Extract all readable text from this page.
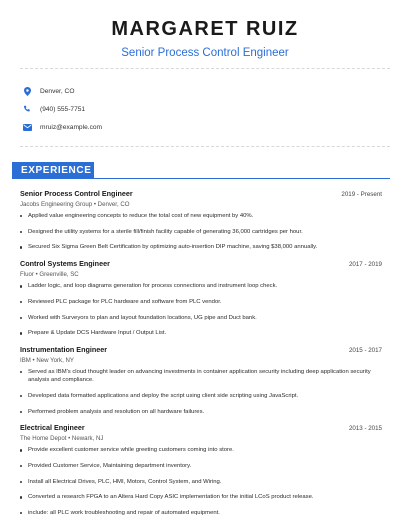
MARGARET RUIZ
Senior Process Control Engineer
Denver, CO
(940) 555-7751
mruiz@example.com
EXPERIENCE
Senior Process Control Engineer	2019 - Present
Jacobs Engineering Group • Denver, CO
Applied value engineering concepts to reduce the total cost of new equipment by 40%.
Designed the utility systems for a sterile fill/finish facility capable of generating 36,000 cartridges per hour.
Secured Six Sigma Green Belt Certification by optimizing auto-insertion DIP machine, saving $38,000 annually.
Control Systems Engineer	2017 - 2019
Fluor • Greenville, SC
Ladder logic, and loop diagrams generation for process connections and instrument loop check.
Reviewed PLC package for PLC hardware and software from PLC vendor.
Worked with Surveyors to plan and layout foundation locations, UG pipe and Duct bank.
Prepare & Update DCS Hardware Input / Output List.
Instrumentation Engineer	2015 - 2017
IBM • New York, NY
Served as IBM's cloud thought leader on advancing investments in container application security including deep application security analysis and compliance.
Developed data formatted applications and deploy the script using client side scripting using JavaScript.
Performed problem analysis and resolution on all hardware failures.
Electrical Engineer	2013 - 2015
The Home Depot • Newark, NJ
Provide excellent customer service while greeting customers coming into store.
Provided Customer Service, Maintaining department inventory.
Install all Electrical Drives, PLC, HMI, Motors, Control System, and Wiring.
Converted a research FPGA to an Altera Hard Copy ASIC implementation for the initial LCoS product release.
include: all PLC work troubleshooting and repair of automated equipment.
